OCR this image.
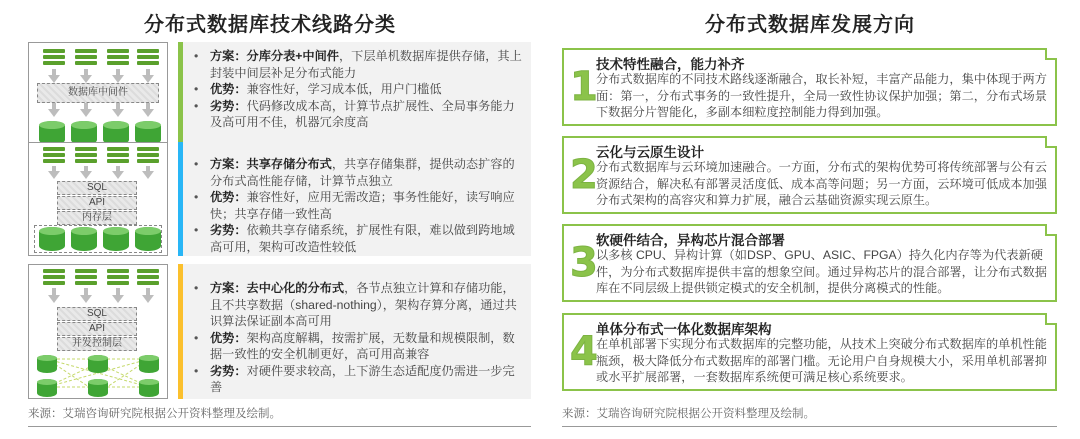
分布式数据库技术线路分类	分布式数据库发展方向
数据库中间件
• 方案：分库分表+中间件，下层单机数据库提供存储，其上封装中间层补足分布式能力
• 优势：兼容性好，学习成本低，用户门槛低
• 劣势：代码修改成本高，计算节点扩展性、全局事务能力及高可用不佳，机器冗余度高
SQL
API
内存层
• 方案：共享存储分布式，共享存储集群，提供动态扩容的分布式高性能存储，计算节点独立
• 优势：兼容性好，应用无需改造；事务性能好，读写响应快；共享存储一致性高
• 劣势：依赖共享存储系统，扩展性有限，难以做到跨地域高可用，架构可改造性较低
SQL
API
并发控制层
• 方案：去中心化的分布式，各节点独立计算和存储功能，且不共享数据（shared-nothing），架构存算分离，通过共识算法保证副本高可用
• 优势：架构高度解耦，按需扩展，无数量和规模限制，数据一致性的安全机制更好，高可用高兼容
• 劣势：对硬件要求较高，上下游生态适配度仍需进一步完善
来源：艾瑞咨询研究院根据公开资料整理及绘制。
1
技术特性融合，能力补齐
分布式数据库的不同技术路线逐渐融合，取长补短，丰富产品能力，集中体现于两方面：第一，分布式事务的一致性提升，全局一致性协议保护加强；第二，分布式场景下数据分片智能化，多副本细粒度控制能力得到加强。
2
云化与云原生设计
分布式数据库与云环境加速融合。一方面，分布式的架构优势可将传统部署与公有云资源结合，解决私有部署灵活度低、成本高等问题；另一方面，云环境可低成本加强分布式架构的高容灾和算力扩展，融合云基础资源实现云原生。
3
软硬件结合，异构芯片混合部署
以多核 CPU、异构计算（如DSP、GPU、ASIC、FPGA）持久化内存等为代表新硬件，为分布式数据库提供丰富的想象空间。通过异构芯片的混合部署，让分布式数据库在不同层级上提供锁定模式的安全机制，提供分离模式的性能。
4
单体分布式一体化数据库架构
在单机部署下实现分布式数据库的完整功能，从技术上突破分布式数据库的单机性能瓶颈，极大降低分布式数据库的部署门槛。无论用户自身规模大小，采用单机部署抑或水平扩展部署，一套数据库系统便可满足核心系统要求。
来源：艾瑞咨询研究院根据公开资料整理及绘制。
